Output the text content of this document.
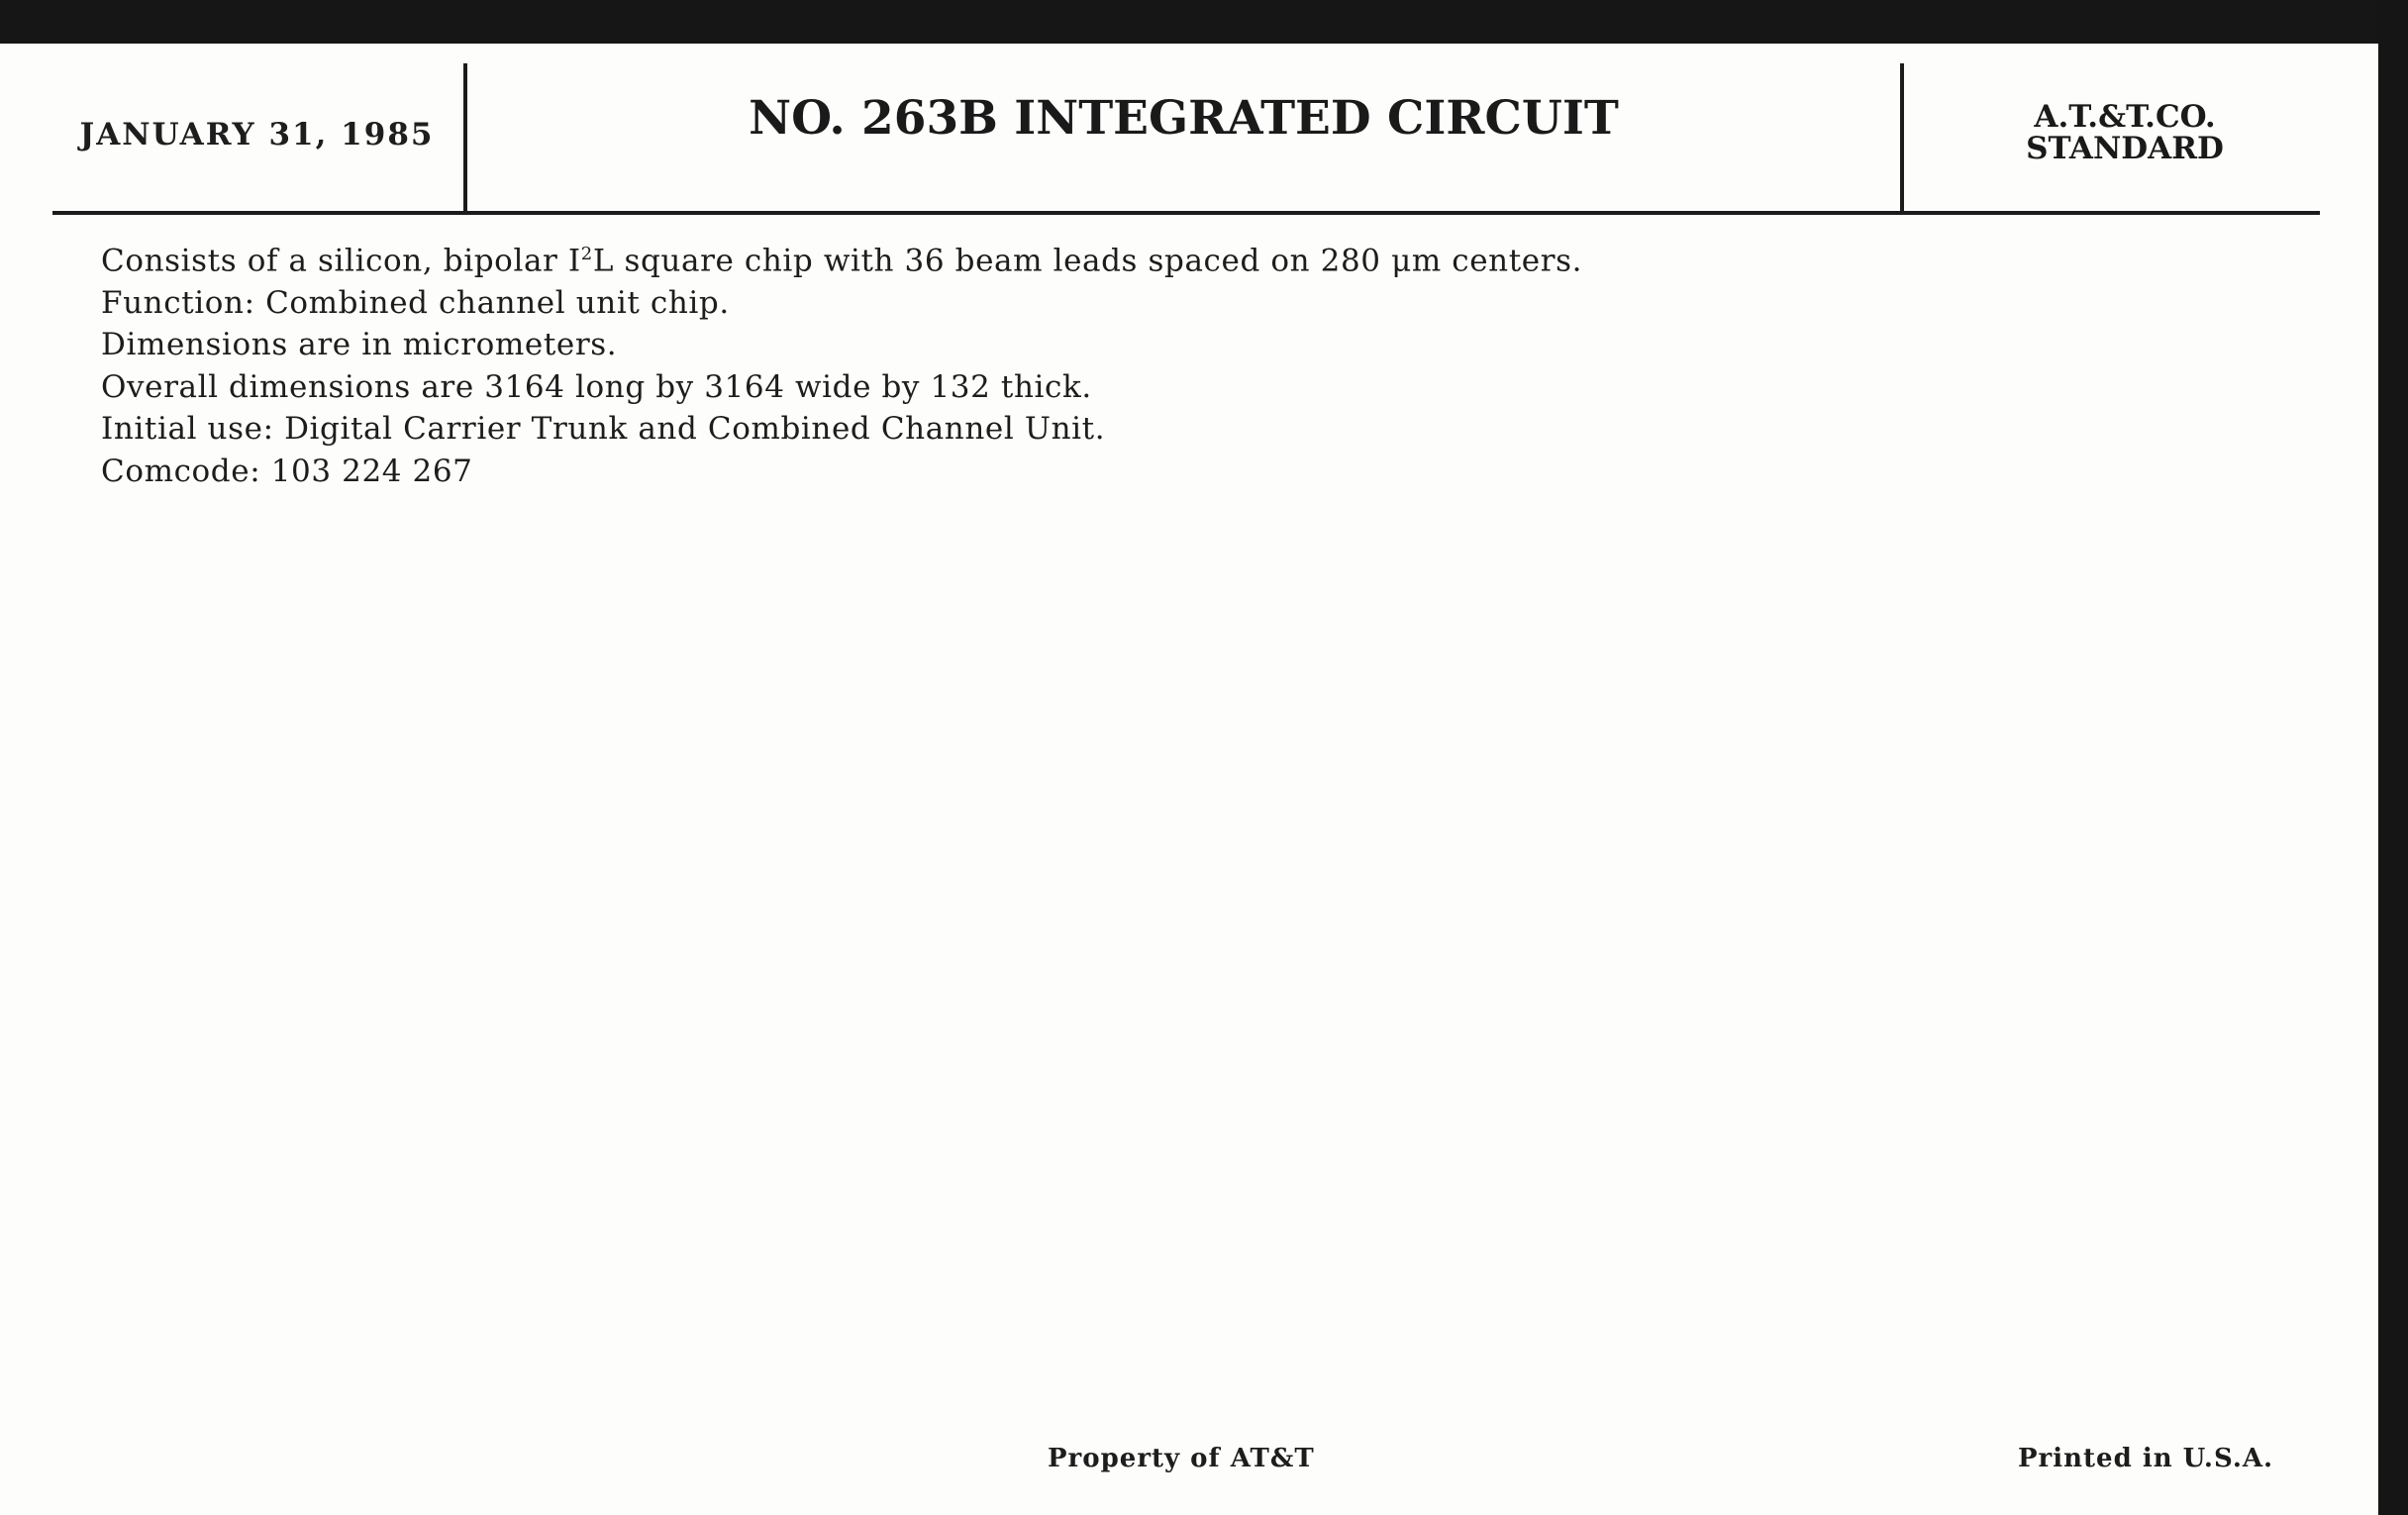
JANUARY 31, 1985	NO. 263B INTEGRATED CIRCUIT	A.T.&T.CO.
STANDARD
Consists of a silicon, bipolar $I^2L$ square chip with 36 beam leads spaced on 280 μm centers.
Function: Combined channel unit chip.
Dimensions are in micrometers.
Overall dimensions are 3164 long by 3164 wide by 132 thick.
Initial use: Digital Carrier Trunk and Combined Channel Unit.
Comcode: 103 224 267
Property of AT&T	Printed in U.S.A.
